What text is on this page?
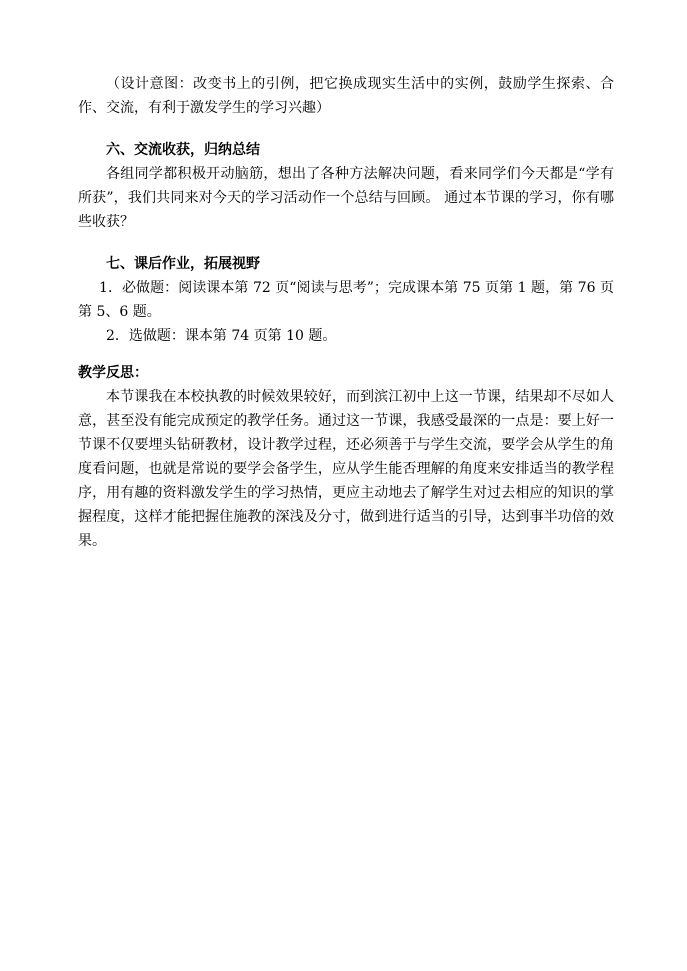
（设计意图：改变书上的引例，把它换成现实生活中的实例，鼓励学生探索、合作、交流，有利于激发学生的学习兴趣）

六、交流收获，归纳总结

各组同学都积极开动脑筋，想出了各种方法解决问题，看来同学们今天都是“学有所获”，我们共同来对今天的学习活动作一个总结与回顾。 通过本节课的学习，你有哪些收获？

七、课后作业，拓展视野

1．必做题：阅读课本第 72 页“阅读与思考”；完成课本第 75 页第 1 题，第 76 页第 5、6 题。

2．选做题：课本第 74 页第 10 题。

教学反思：

本节课我在本校执教的时候效果较好，而到滨江初中上这一节课，结果却不尽如人意，甚至没有能完成预定的教学任务。通过这一节课，我感受最深的一点是：要上好一节课不仅要埋头钻研教材，设计教学过程，还必须善于与学生交流，要学会从学生的角度看问题，也就是常说的要学会备学生，应从学生能否理解的角度来安排适当的教学程序，用有趣的资料激发学生的学习热情，更应主动地去了解学生对过去相应的知识的掌握程度，这样才能把握住施教的深浅及分寸，做到进行适当的引导，达到事半功倍的效果。
